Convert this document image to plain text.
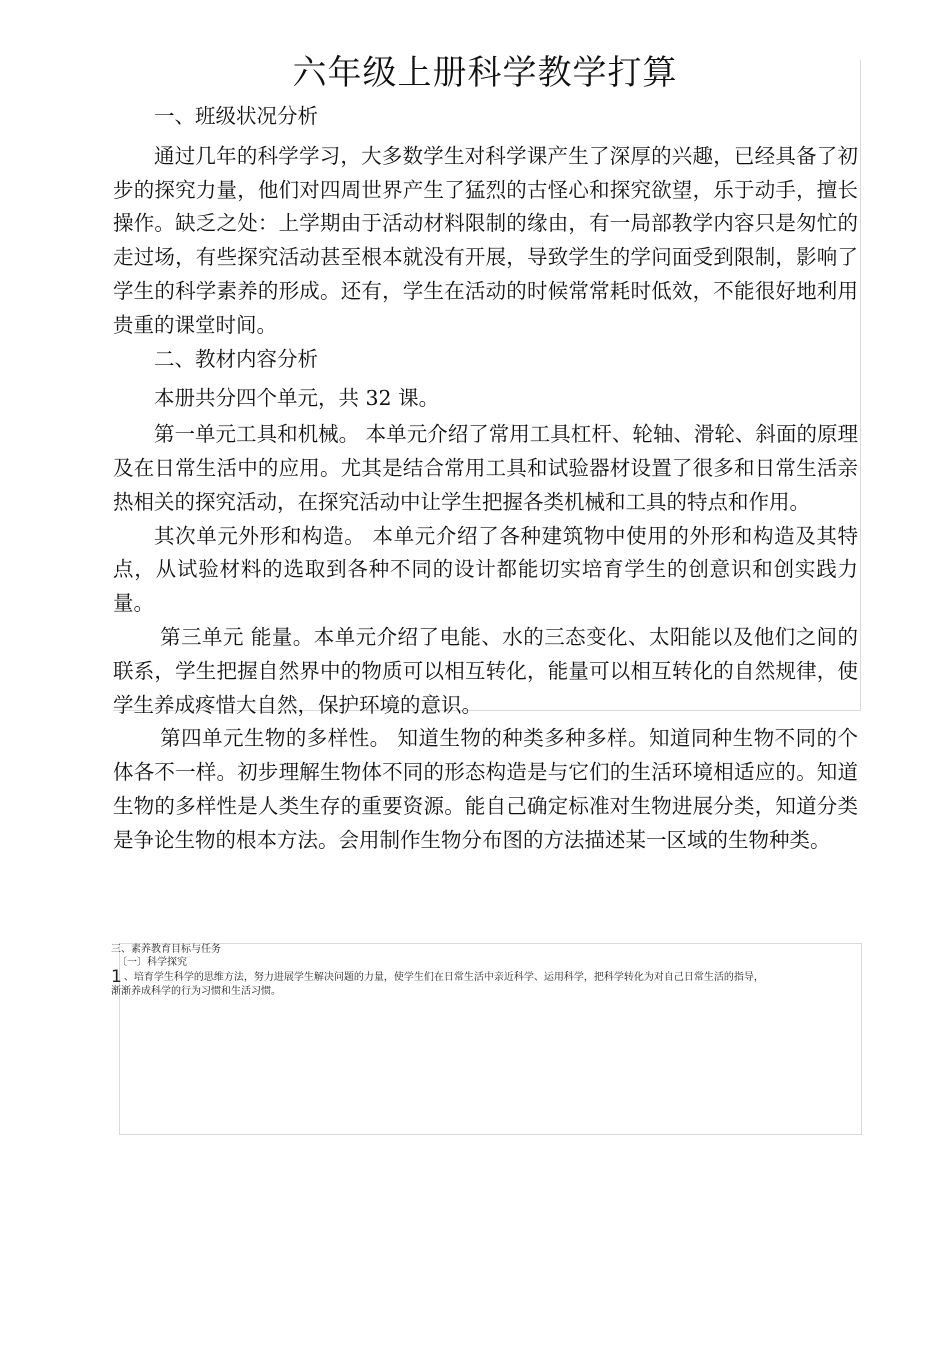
六年级上册科学教学打算

一、班级状况分析

通过几年的科学学习，大多数学生对科学课产生了深厚的兴趣，已经具备了初步的探究力量，他们对四周世界产生了猛烈的古怪心和探究欲望，乐于动手，擅长操作。缺乏之处：上学期由于活动材料限制的缘由，有一局部教学内容只是匆忙的走过场，有些探究活动甚至根本就没有开展，导致学生的学问面受到限制，影响了学生的科学素养的形成。还有，学生在活动的时候常常耗时低效，不能很好地利用贵重的课堂时间。

二、教材内容分析

本册共分四个单元，共 32 课。

第一单元工具和机械。 本单元介绍了常用工具杠杆、轮轴、滑轮、斜面的原理及在日常生活中的应用。尤其是结合常用工具和试验器材设置了很多和日常生活亲热相关的探究活动，在探究活动中让学生把握各类机械和工具的特点和作用。

其次单元外形和构造。 本单元介绍了各种建筑物中使用的外形和构造及其特点，从试验材料的选取到各种不同的设计都能切实培育学生的创意识和创实践力量。

第三单元 能量。本单元介绍了电能、水的三态变化、太阳能以及他们之间的联系，学生把握自然界中的物质可以相互转化，能量可以相互转化的自然规律，使学生养成疼惜大自然，保护环境的意识。

第四单元生物的多样性。 知道生物的种类多种多样。知道同种生物不同的个体各不一样。初步理解生物体不同的形态构造是与它们的生活环境相适应的。知道生物的多样性是人类生存的重要资源。能自己确定标准对生物进展分类，知道分类是争论生物的根本方法。会用制作生物分布图的方法描述某一区域的生物种类。

三、素养教育目标与任务

〔一〕科学探究

1 、培育学生科学的思维方法，努力进展学生解决问题的力量，使学生们在日常生活中亲近科学、运用科学，把科学转化为对自己日常生活的指导，

渐渐养成科学的行为习惯和生活习惯。
